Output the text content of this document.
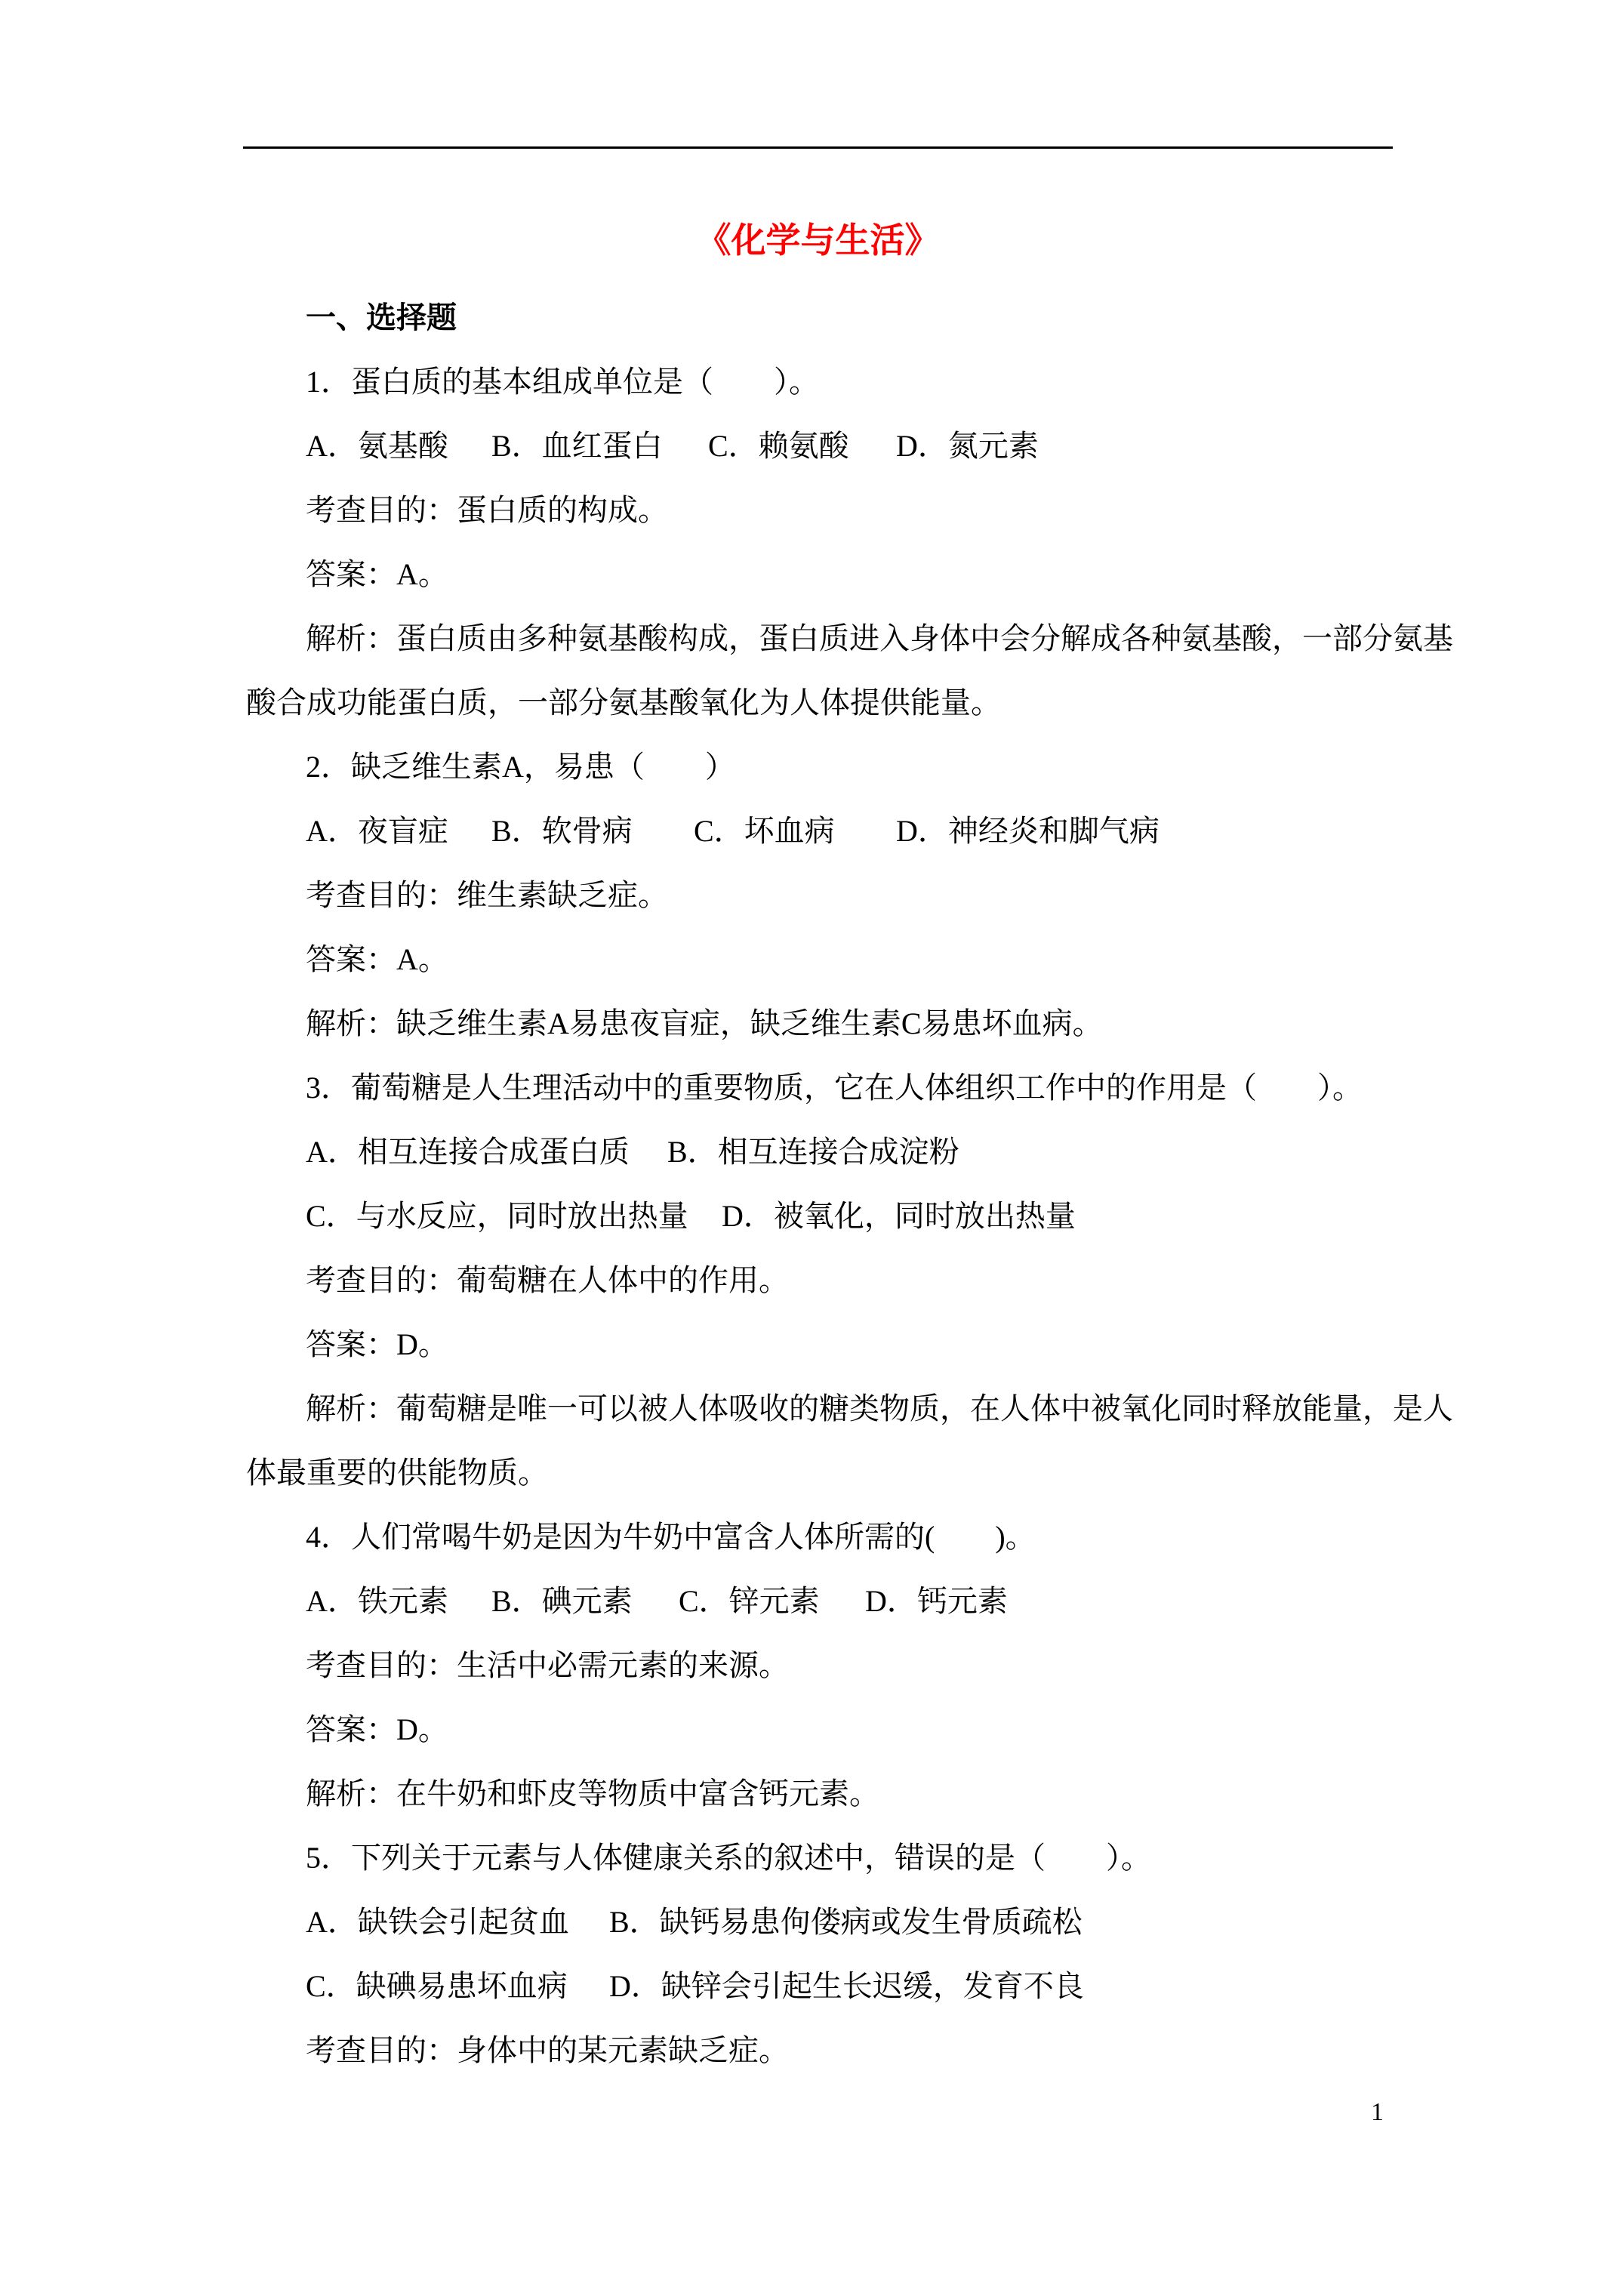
《化学与生活》
一、选择题
1．蛋白质的基本组成单位是（　　）。
A．氨基酸 B．血红蛋白 C．赖氨酸 D．氮元素
考查目的：蛋白质的构成。
答案：A。
解析：蛋白质由多种氨基酸构成，蛋白质进入身体中会分解成各种氨基酸，一部分氨基
酸合成功能蛋白质，一部分氨基酸氧化为人体提供能量。
2．缺乏维生素A，易患（　　）
A．夜盲症 B．软骨病 C．坏血病 D．神经炎和脚气病
考查目的：维生素缺乏症。
答案：A。
解析：缺乏维生素A易患夜盲症，缺乏维生素C易患坏血病。
3．葡萄糖是人生理活动中的重要物质，它在人体组织工作中的作用是（　　）。
A．相互连接合成蛋白质 B．相互连接合成淀粉
C．与水反应，同时放出热量 D．被氧化，同时放出热量
考查目的：葡萄糖在人体中的作用。
答案：D。
解析：葡萄糖是唯一可以被人体吸收的糖类物质，在人体中被氧化同时释放能量，是人
体最重要的供能物质。
4．人们常喝牛奶是因为牛奶中富含人体所需的(　　)。
A．铁元素 B．碘元素 C．锌元素 D．钙元素
考查目的：生活中必需元素的来源。
答案：D。
解析：在牛奶和虾皮等物质中富含钙元素。
5．下列关于元素与人体健康关系的叙述中，错误的是（　　）。
A．缺铁会引起贫血 B．缺钙易患佝偻病或发生骨质疏松
C．缺碘易患坏血病 D．缺锌会引起生长迟缓，发育不良
考查目的：身体中的某元素缺乏症。
1
